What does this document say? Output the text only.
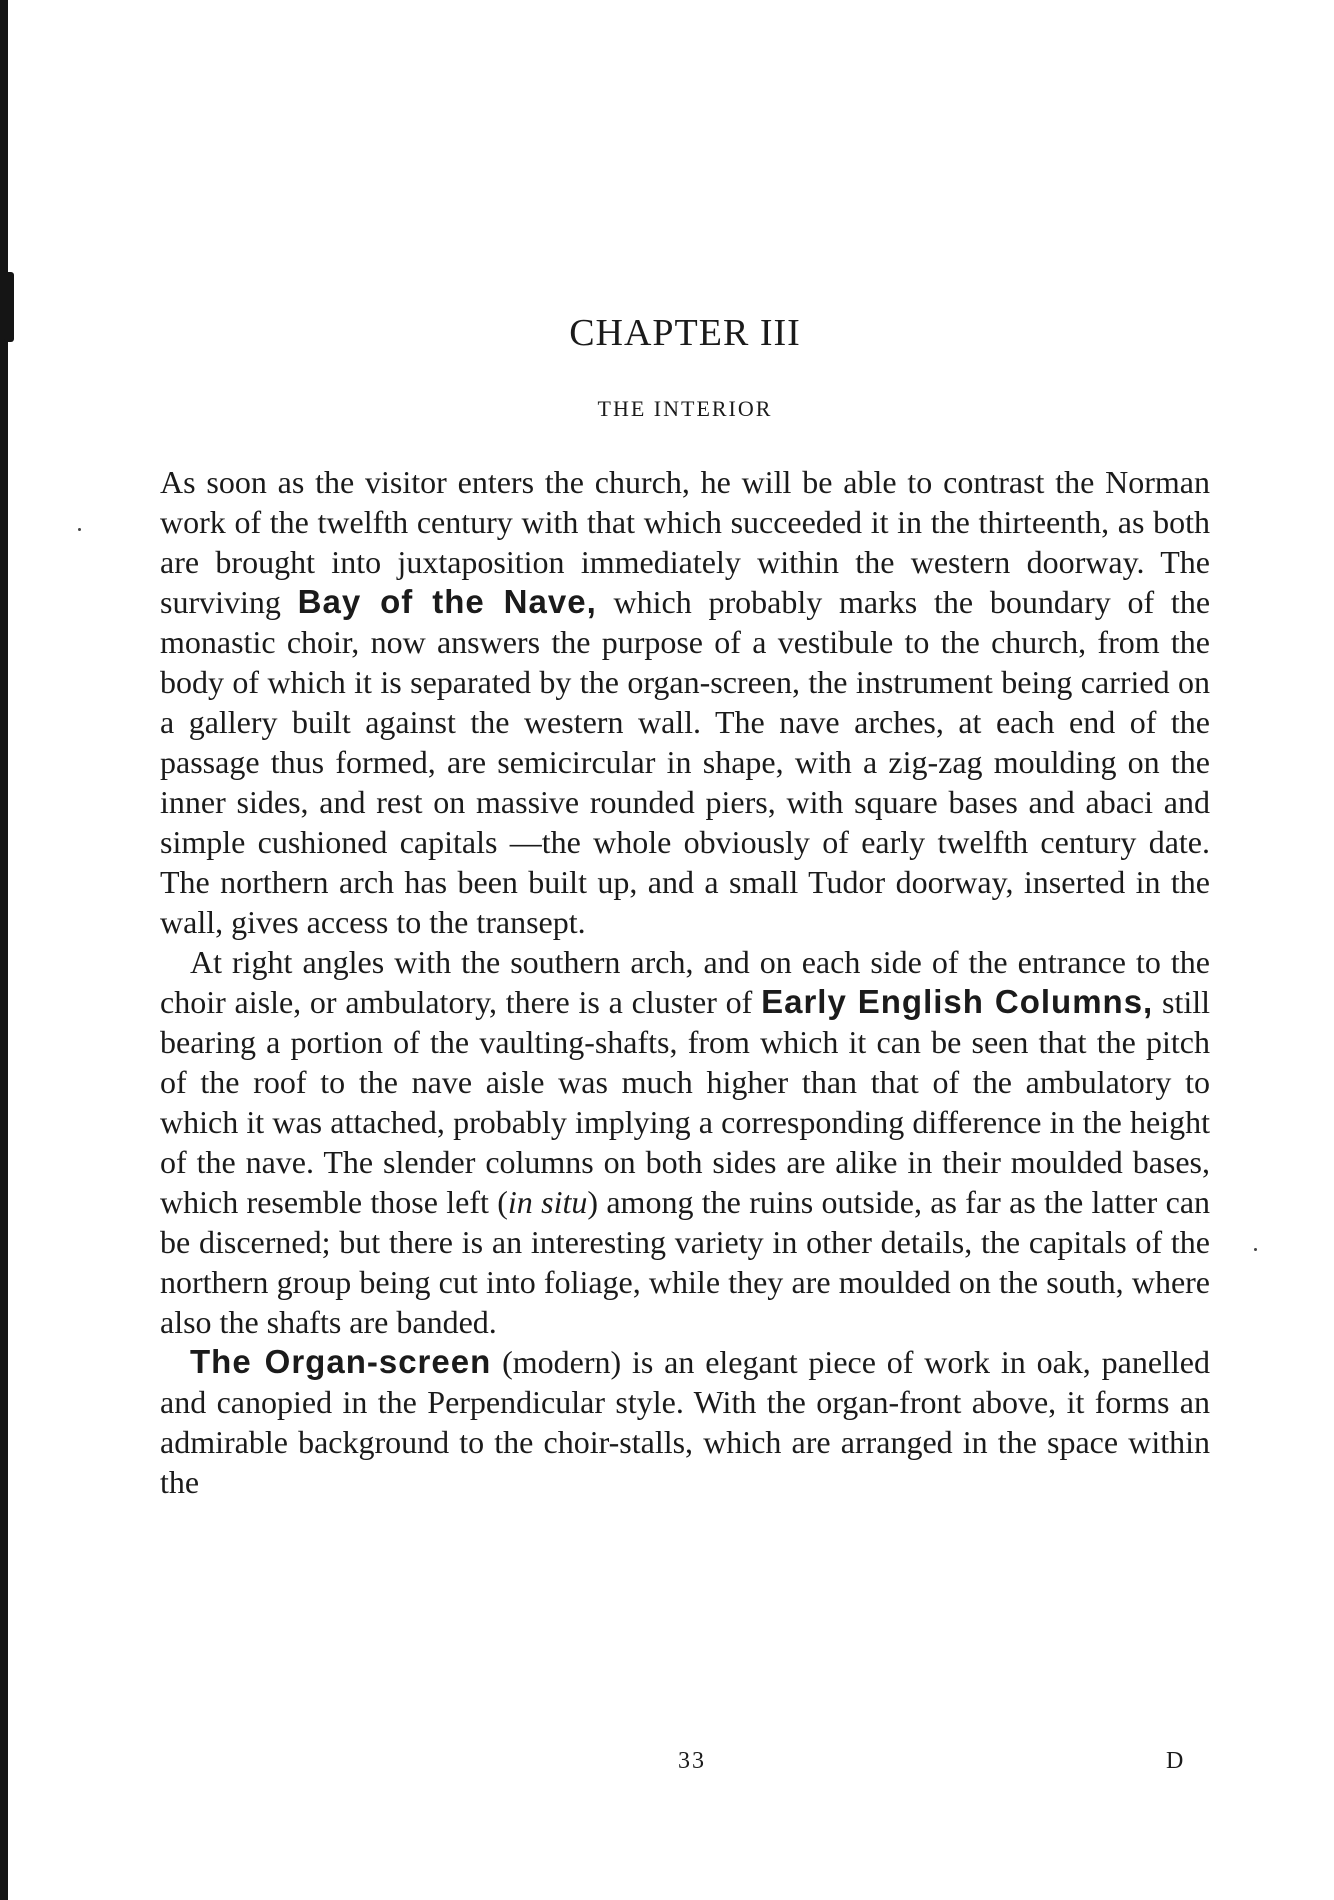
CHAPTER III
THE INTERIOR

As soon as the visitor enters the church, he will be able to contrast the Norman work of the twelfth century with that which succeeded it in the thirteenth, as both are brought into juxtaposition immediately within the western doorway. The surviving Bay of the Nave, which probably marks the boundary of the monastic choir, now answers the purpose of a vestibule to the church, from the body of which it is separated by the organ-screen, the instrument being carried on a gallery built against the western wall. The nave arches, at each end of the passage thus formed, are semicircular in shape, with a zig-zag moulding on the inner sides, and rest on massive rounded piers, with square bases and abaci and simple cushioned capitals —the whole obviously of early twelfth century date. The northern arch has been built up, and a small Tudor doorway, inserted in the wall, gives access to the transept.

At right angles with the southern arch, and on each side of the entrance to the choir aisle, or ambulatory, there is a cluster of Early English Columns, still bearing a portion of the vaulting-shafts, from which it can be seen that the pitch of the roof to the nave aisle was much higher than that of the ambulatory to which it was attached, probably implying a corresponding difference in the height of the nave. The slender columns on both sides are alike in their moulded bases, which resemble those left (in situ) among the ruins outside, as far as the latter can be discerned; but there is an interesting variety in other details, the capitals of the northern group being cut into foliage, while they are moulded on the south, where also the shafts are banded.

The Organ-screen (modern) is an elegant piece of work in oak, panelled and canopied in the Perpendicular style. With the organ-front above, it forms an admirable background to the choir-stalls, which are arranged in the space within the

33	D
